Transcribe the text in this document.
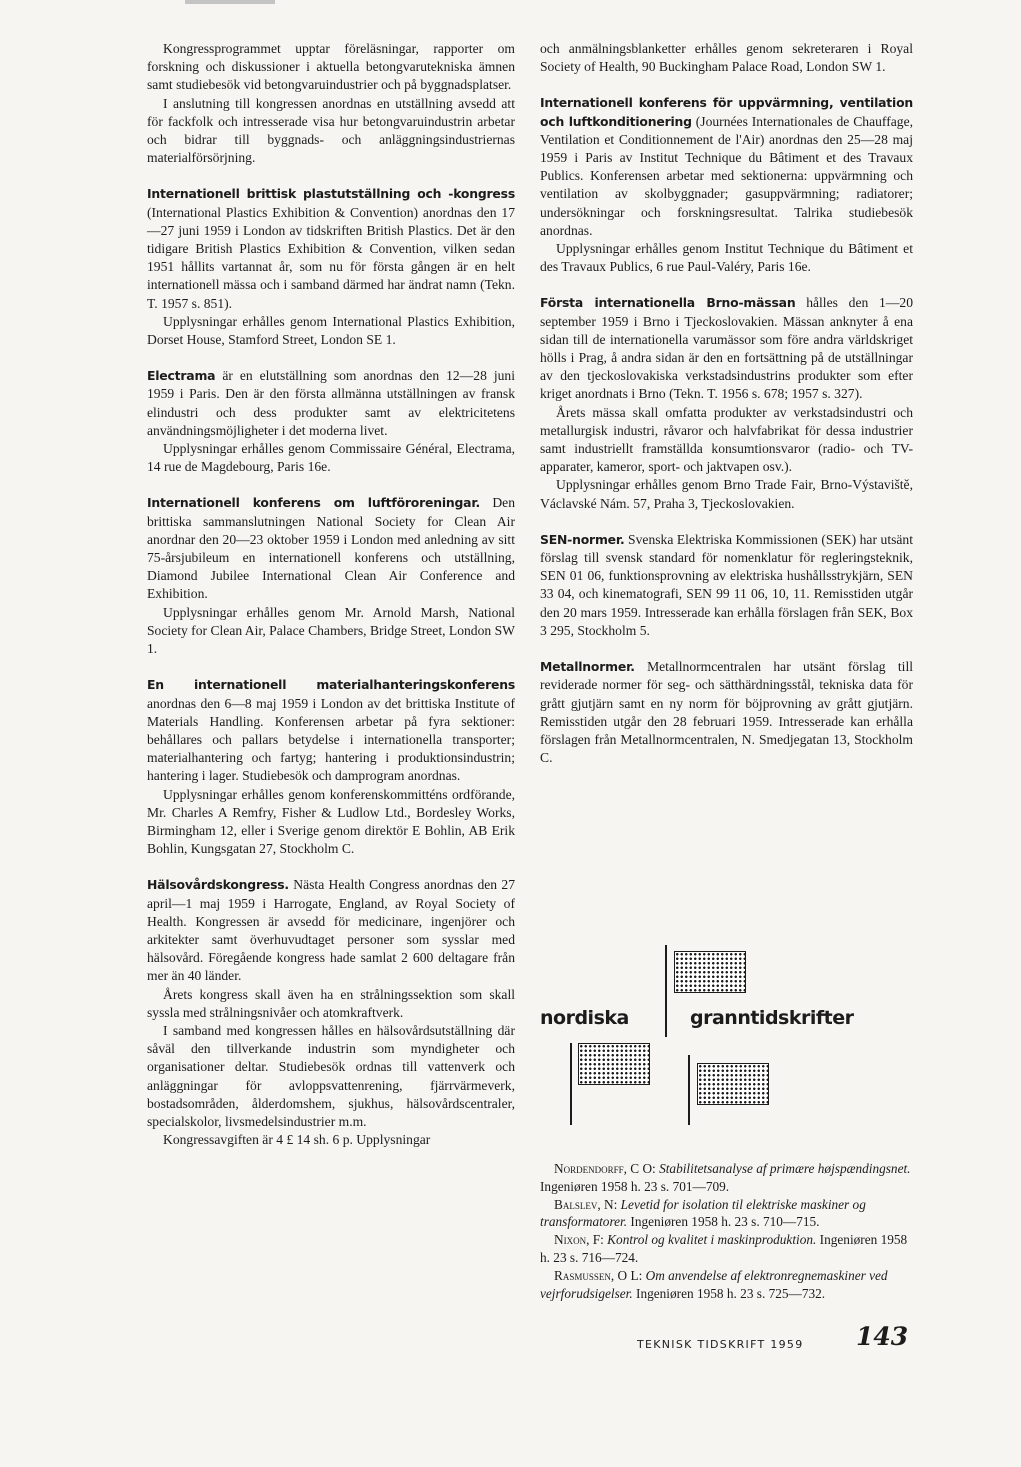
Kongressprogrammet upptar föreläsningar, rapporter om forskning och diskussioner i aktuella betongvarutekniska ämnen samt studiebesök vid betongvaruindustrier och på byggnadsplatser.

I anslutning till kongressen anordnas en utställning avsedd att för fackfolk och intresserade visa hur betongvaruindustrin arbetar och bidrar till byggnads- och anläggningsindustriernas materialförsörjning.

Internationell brittisk plastutställning och -kongress (International Plastics Exhibition & Convention) anordnas den 17—27 juni 1959 i London av tidskriften British Plastics. Det är den tidigare British Plastics Exhibition & Convention, vilken sedan 1951 hållits vartannat år, som nu för första gången är en helt internationell mässa och i samband därmed har ändrat namn (Tekn. T. 1957 s. 851).

Upplysningar erhålles genom International Plastics Exhibition, Dorset House, Stamford Street, London SE 1.

Electrama är en elutställning som anordnas den 12—28 juni 1959 i Paris. Den är den första allmänna utställningen av fransk elindustri och dess produkter samt av elektricitetens användningsmöjligheter i det moderna livet.

Upplysningar erhålles genom Commissaire Général, Electrama, 14 rue de Magdebourg, Paris 16e.

Internationell konferens om luftföroreningar. Den brittiska sammanslutningen National Society for Clean Air anordnar den 20—23 oktober 1959 i London med anledning av sitt 75-årsjubileum en internationell konferens och utställning, Diamond Jubilee International Clean Air Conference and Exhibition.

Upplysningar erhålles genom Mr. Arnold Marsh, National Society for Clean Air, Palace Chambers, Bridge Street, London SW 1.

En internationell materialhanteringskonferens anordnas den 6—8 maj 1959 i London av det brittiska Institute of Materials Handling. Konferensen arbetar på fyra sektioner: behållares och pallars betydelse i internationella transporter; materialhantering och fartyg; hantering i produktionsindustrin; hantering i lager. Studiebesök och damprogram anordnas.

Upplysningar erhålles genom konferenskommitténs ordförande, Mr. Charles A Remfry, Fisher & Ludlow Ltd., Bordesley Works, Birmingham 12, eller i Sverige genom direktör E Bohlin, AB Erik Bohlin, Kungsgatan 27, Stockholm C.

Hälsovårdskongress. Nästa Health Congress anordnas den 27 april—1 maj 1959 i Harrogate, England, av Royal Society of Health. Kongressen är avsedd för medicinare, ingenjörer och arkitekter samt överhuvudtaget personer som sysslar med hälsovård. Föregående kongress hade samlat 2 600 deltagare från mer än 40 länder.

Årets kongress skall även ha en strålningssektion som skall syssla med strålningsnivåer och atomkraftverk.

I samband med kongressen hålles en hälsovårdsutställning där såväl den tillverkande industrin som myndigheter och organisationer deltar. Studiebesök ordnas till vattenverk och anläggningar för avloppsvattenrening, fjärrvärmeverk, bostadsområden, ålderdomshem, sjukhus, hälsovårdscentraler, specialskolor, livsmedelsindustrier m.m.

Kongressavgiften är 4 £ 14 sh. 6 p. Upplysningar

och anmälningsblanketter erhålles genom sekreteraren i Royal Society of Health, 90 Buckingham Palace Road, London SW 1.

Internationell konferens för uppvärmning, ventilation och luftkonditionering (Journées Internationales de Chauffage, Ventilation et Conditionnement de l'Air) anordnas den 25—28 maj 1959 i Paris av Institut Technique du Bâtiment et des Travaux Publics. Konferensen arbetar med sektionerna: uppvärmning och ventilation av skolbyggnader; gasuppvärmning; radiatorer; undersökningar och forskningsresultat. Talrika studiebesök anordnas.

Upplysningar erhålles genom Institut Technique du Bâtiment et des Travaux Publics, 6 rue Paul-Valéry, Paris 16e.

Första internationella Brno-mässan hålles den 1—20 september 1959 i Brno i Tjeckoslovakien. Mässan anknyter å ena sidan till de internationella varumässor som före andra världskriget hölls i Prag, å andra sidan är den en fortsättning på de utställningar av den tjeckoslovakiska verkstadsindustrins produkter som efter kriget anordnats i Brno (Tekn. T. 1956 s. 678; 1957 s. 327).

Årets mässa skall omfatta produkter av verkstadsindustri och metallurgisk industri, råvaror och halvfabrikat för dessa industrier samt industriellt framställda konsumtionsvaror (radio- och TV-apparater, kameror, sport- och jaktvapen osv.).

Upplysningar erhålles genom Brno Trade Fair, Brno-Výstaviště, Václavské Nám. 57, Praha 3, Tjeckoslovakien.

SEN-normer. Svenska Elektriska Kommissionen (SEK) har utsänt förslag till svensk standard för nomenklatur för regleringsteknik, SEN 01 06, funktionsprovning av elektriska hushållsstrykjärn, SEN 33 04, och kinematografi, SEN 99 11 06, 10, 11. Remisstiden utgår den 20 mars 1959. Intresserade kan erhålla förslagen från SEK, Box 3 295, Stockholm 5.

Metallnormer. Metallnormcentralen har utsänt förslag till reviderade normer för seg- och sätthärdningsstål, tekniska data för grått gjutjärn samt en ny norm för böjprovning av grått gjutjärn. Remisstiden utgår den 28 februari 1959. Intresserade kan erhålla förslagen från Metallnormcentralen, N. Smedjegatan 13, Stockholm C.

nordiska	granntidskrifter

Nordendorff, C O: Stabilitetsanalyse af primære højspændingsnet. Ingeniøren 1958 h. 23 s. 701—709.

Balslev, N: Levetid for isolation til elektriske maskiner og transformatorer. Ingeniøren 1958 h. 23 s. 710—715.

Nixon, F: Kontrol og kvalitet i maskinproduktion. Ingeniøren 1958 h. 23 s. 716—724.

Rasmussen, O L: Om anvendelse af elektronregnemaskiner ved vejrforudsigelser. Ingeniøren 1958 h. 23 s. 725—732.

TEKNISK TIDSKRIFT 1959 143
